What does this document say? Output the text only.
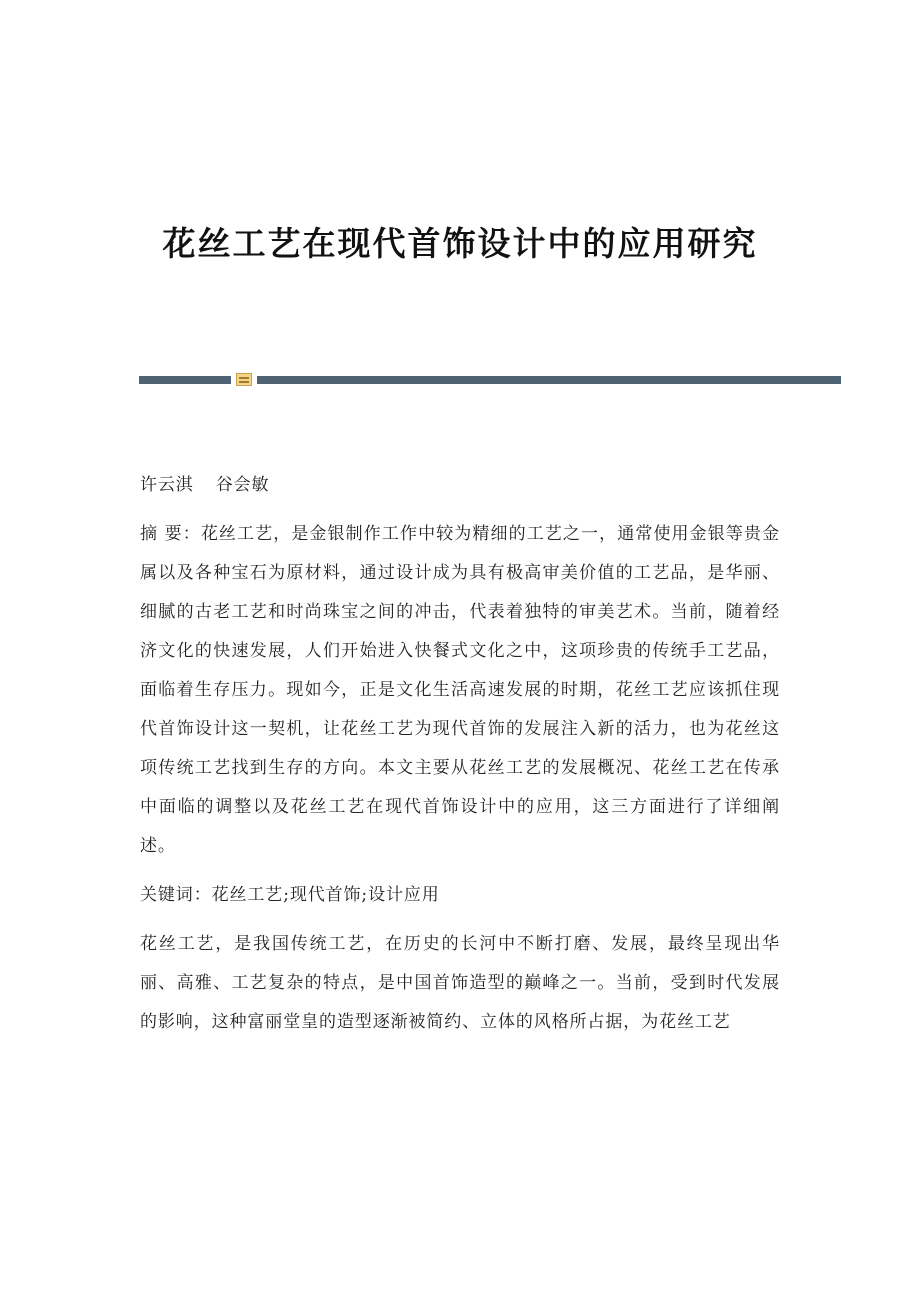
花丝工艺在现代首饰设计中的应用研究

许云淇 谷会敏

摘 要：花丝工艺，是金银制作工作中较为精细的工艺之一，通常使用金银等贵金属以及各种宝石为原材料，通过设计成为具有极高审美价值的工艺品，是华丽、细腻的古老工艺和时尚珠宝之间的冲击，代表着独特的审美艺术。当前，随着经济文化的快速发展，人们开始进入快餐式文化之中，这项珍贵的传统手工艺品，面临着生存压力。现如今，正是文化生活高速发展的时期，花丝工艺应该抓住现代首饰设计这一契机，让花丝工艺为现代首饰的发展注入新的活力，也为花丝这项传统工艺找到生存的方向。本文主要从花丝工艺的发展概况、花丝工艺在传承中面临的调整以及花丝工艺在现代首饰设计中的应用，这三方面进行了详细阐述。

关键词：花丝工艺;现代首饰;设计应用

花丝工艺，是我国传统工艺，在历史的长河中不断打磨、发展，最终呈现出华丽、高雅、工艺复杂的特点，是中国首饰造型的巅峰之一。当前，受到时代发展的影响，这种富丽堂皇的造型逐渐被简约、立体的风格所占据，为花丝工艺
